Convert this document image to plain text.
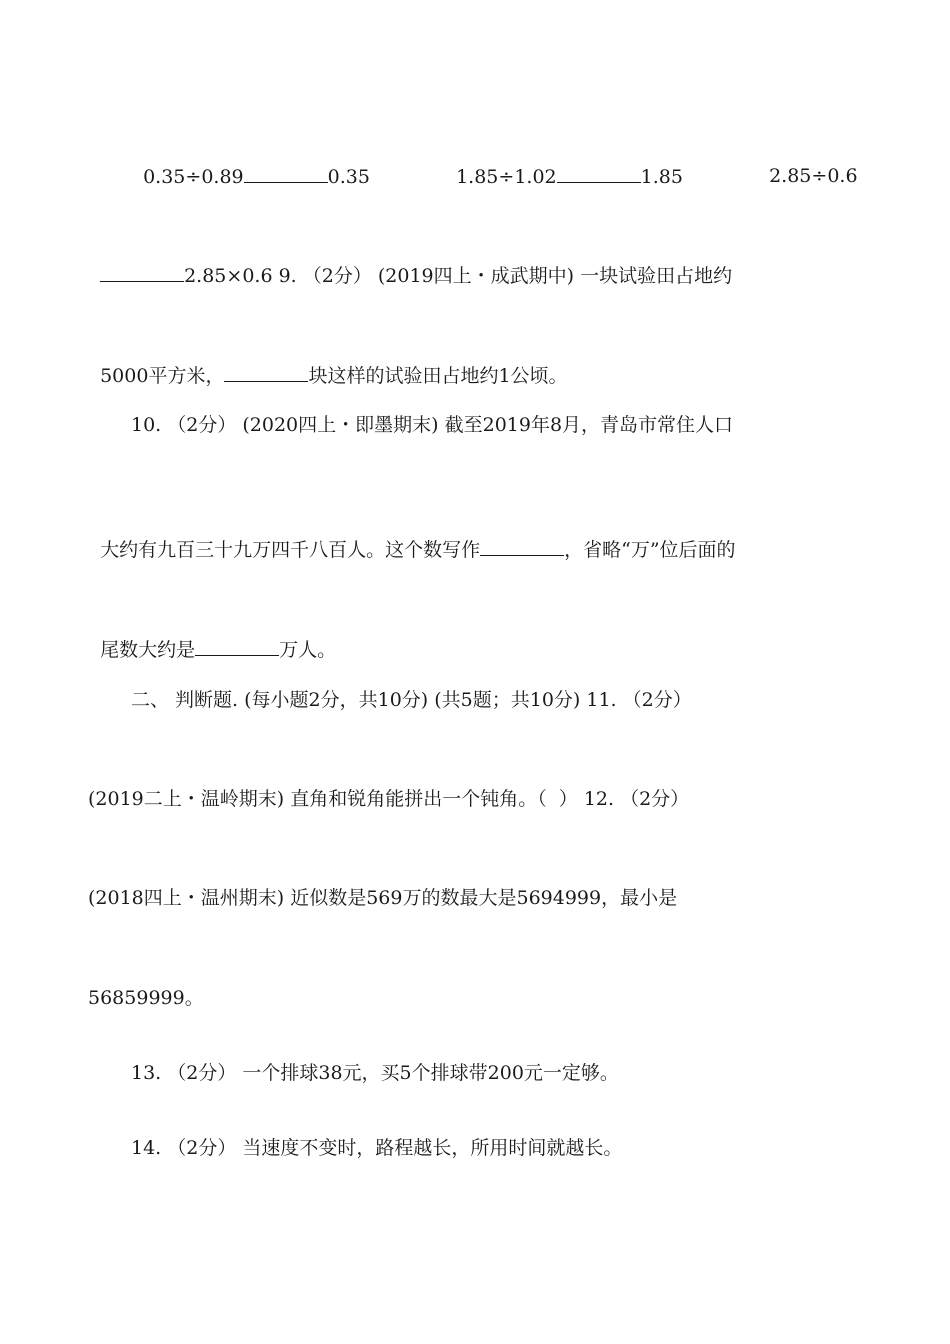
0.35÷0.89	0.35	1.85÷1.02	1.85	2.85÷0.6

2.85×0.6 9. （2分） (2019四上・成武期中) 一块试验田占地约

5000平方米，	块这样的试验田占地约1公顷。

10. （2分） (2020四上・即墨期末) 截至2019年8月，青岛市常住人口

大约有九百三十九万四千八百人。这个数写作	，省略“万”位后面的

尾数大约是	万人。

二、 判断题. (每小题2分，共10分) (共5题；共10分) 11. （2分）
(2019二上・温岭期末) 直角和锐角能拼出一个钝角。（  ） 12. （2分）
(2018四上・温州期末) 近似数是569万的数最大是5694999，最小是
56859999。
13. （2分） 一个排球38元，买5个排球带200元一定够。
14. （2分） 当速度不变时，路程越长，所用时间就越长。
